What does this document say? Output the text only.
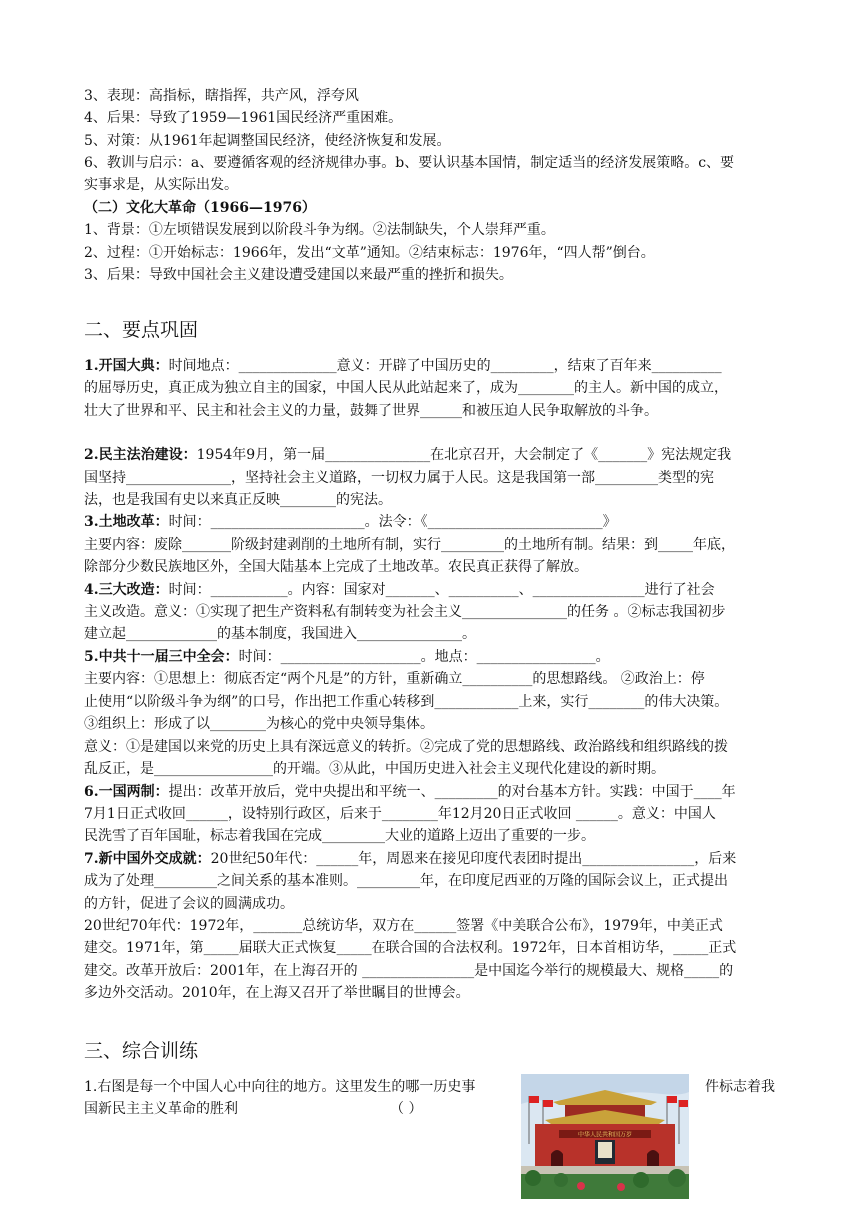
3、表现：高指标，瞎指挥，共产风，浮夸风
4、后果：导致了1959—1961国民经济严重困难。
5、对策：从1961年起调整国民经济，使经济恢复和发展。
6、教训与启示：a、要遵循客观的经济规律办事。b、要认识基本国情，制定适当的经济发展策略。c、要
实事求是，从实际出发。
（二）文化大革命（1966—1976）
1、背景：①左顷错误发展到以阶段斗争为纲。②法制缺失，个人崇拜严重。
2、过程：①开始标志：1966年，发出“文革”通知。②结束标志：1976年，“四人帮”倒台。
3、后果：导致中国社会主义建设遭受建国以来最严重的挫折和损失。
二、要点巩固
1.开国大典：时间地点：______________意义：开辟了中国历史的_________，结束了百年来__________
的屈辱历史，真正成为独立自主的国家，中国人民从此站起来了，成为________的主人。新中国的成立，
壮大了世界和平、民主和社会主义的力量，鼓舞了世界______和被压迫人民争取解放的斗争。
2.民主法治建设：1954年9月，第一届_______________在北京召开，大会制定了《_______》宪法规定我
国坚持_______________，坚持社会主义道路，一切权力属于人民。这是我国第一部_________类型的宪
法，也是我国有史以来真正反映________的宪法。
3.土地改革：时间：______________________。法令：《_________________________》
主要内容：废除_______阶级封建剥削的土地所有制，实行_________的土地所有制。结果：到_____年底，
除部分少数民族地区外，全国大陆基本上完成了土地改革。农民真正获得了解放。
4.三大改造：时间：___________。内容：国家对_______、__________、________________进行了社会
主义改造。意义：①实现了把生产资料私有制转变为社会主义_______________的任务 。②标志我国初步
建立起_____________的基本制度，我国进入_______________。
5.中共十一届三中全会：时间：____________________。地点：_________________。
主要内容：①思想上：彻底否定“两个凡是”的方针，重新确立__________的思想路线。 ②政治上：停
止使用“以阶级斗争为纲”的口号，作出把工作重心转移到____________上来，实行________的伟大决策。
③组织上：形成了以________为核心的党中央领导集体。
意义：①是建国以来党的历史上具有深远意义的转折。②完成了党的思想路线、政治路线和组织路线的拨
乱反正，是_________________的开端。③从此，中国历史进入社会主义现代化建设的新时期。
6.一国两制：提出：改革开放后，党中央提出和平统一、_________的对台基本方针。实践：中国于____年
7月1日正式收回______，设特别行政区，后来于________年12月20日正式收回 ______。意义：中国人
民洗雪了百年国耻，标志着我国在完成_________大业的道路上迈出了重要的一步。
7.新中国外交成就：20世纪50年代：______年，周恩来在接见印度代表团时提出________________，后来
成为了处理_________之间关系的基本准则。_________年，在印度尼西亚的万隆的国际会议上，正式提出
的方针，促进了会议的圆满成功。
20世纪70年代：1972年，_______总统访华，双方在______签署《中美联合公布》，1979年，中美正式
建交。1971年，第_____届联大正式恢复_____在联合国的合法权利。1972年，日本首相访华，_____正式
建交。改革开放后：2001年，在上海召开的 ________________是中国迄今举行的规模最大、规格_____的
多边外交活动。2010年，在上海又召开了举世瞩目的世博会。
三、综合训练
1.右图是每一个中国人心中向往的地方。这里发生的哪一历史事	件标志着我
国新民主主义革命的胜利	（ ）
中华人民共和国万岁
